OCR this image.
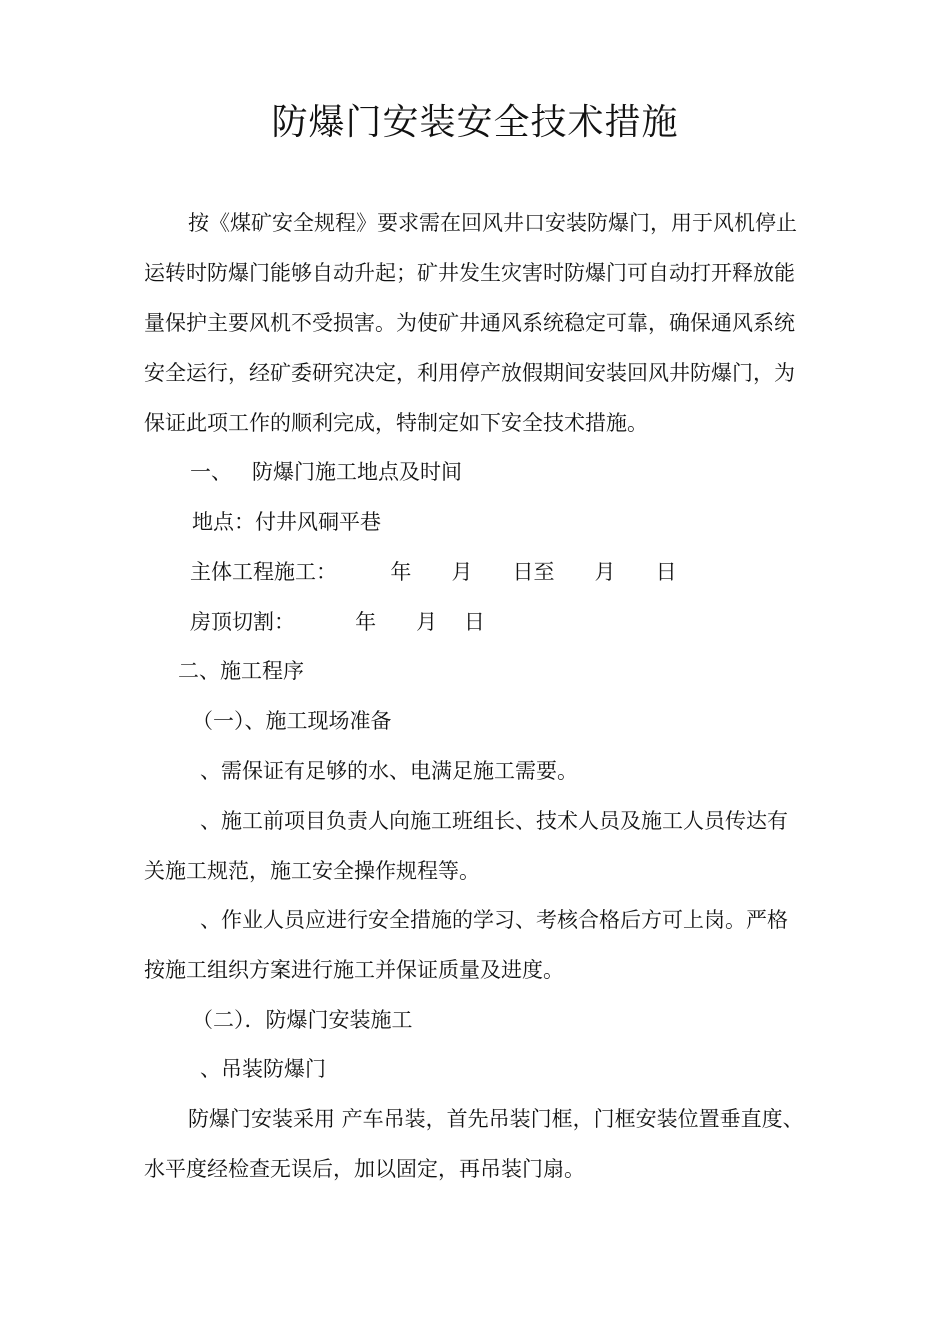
防爆门安装安全技术措施

按《煤矿安全规程》要求需在回风井口安装防爆门，用于风机停止运转时防爆门能够自动升起；矿井发生灾害时防爆门可自动打开释放能量保护主要风机不受损害。为使矿井通风系统稳定可靠，确保通风系统安全运行，经矿委研究决定，利用停产放假期间安装回风井防爆门，为保证此项工作的顺利完成，特制定如下安全技术措施。

一、   防爆门施工地点及时间

地点：付井风硐平巷

主体工程施工：        年      月      日至      月      日

房顶切割：         年      月    日

二、施工程序

（一）、施工现场准备

、需保证有足够的水、电满足施工需要。

、施工前项目负责人向施工班组长、技术人员及施工人员传达有关施工规范，施工安全操作规程等。

、作业人员应进行安全措施的学习、考核合格后方可上岗。严格按施工组织方案进行施工并保证质量及进度。

（二）．防爆门安装施工

、吊装防爆门

防爆门安装采用 产车吊装，首先吊装门框，门框安装位置垂直度、水平度经检查无误后，加以固定，再吊装门扇。
